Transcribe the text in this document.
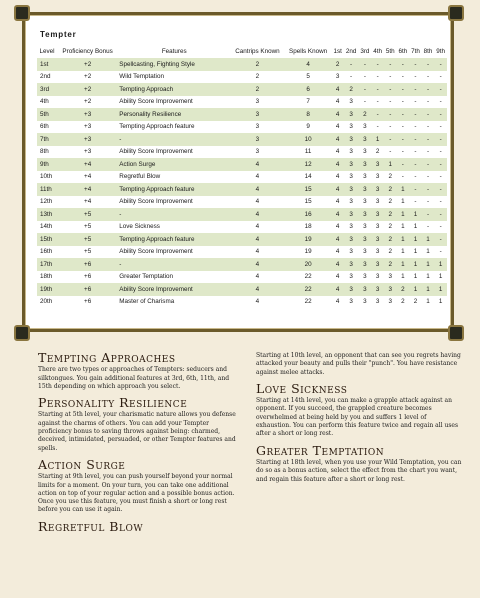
Tempter
Level	Proficiency Bonus	Features	Cantrips Known	Spells Known	1st	2nd	3rd	4th	5th	6th	7th	8th	9th
1st	+2	Spellcasting, Fighting Style	2	4	2	-	-	-	-	-	-	-	-
2nd	+2	Wild Temptation	2	5	3	-	-	-	-	-	-	-	-
3rd	+2	Tempting Approach	2	6	4	2	-	-	-	-	-	-	-
4th	+2	Ability Score Improvement	3	7	4	3	-	-	-	-	-	-	-
5th	+3	Personality Resilience	3	8	4	3	2	-	-	-	-	-	-
6th	+3	Tempting Approach feature	3	9	4	3	3	-	-	-	-	-	-
7th	+3	-	3	10	4	3	3	1	-	-	-	-	-
8th	+3	Ability Score Improvement	3	11	4	3	3	2	-	-	-	-	-
9th	+4	Action Surge	4	12	4	3	3	3	1	-	-	-	-
10th	+4	Regretful Blow	4	14	4	3	3	3	2	-	-	-	-
11th	+4	Tempting Approach feature	4	15	4	3	3	3	2	1	-	-	-
12th	+4	Ability Score Improvement	4	15	4	3	3	3	2	1	-	-	-
13th	+5	-	4	16	4	3	3	3	2	1	1	-	-
14th	+5	Love Sickness	4	18	4	3	3	3	2	1	1	-	-
15th	+5	Tempting Approach feature	4	19	4	3	3	3	2	1	1	1	-
16th	+5	Ability Score Improvement	4	19	4	3	3	3	2	1	1	1	-
17th	+6	-	4	20	4	3	3	3	2	1	1	1	1
18th	+6	Greater Temptation	4	22	4	3	3	3	3	1	1	1	1
19th	+6	Ability Score Improvement	4	22	4	3	3	3	3	2	1	1	1
20th	+6	Master of Charisma	4	22	4	3	3	3	3	2	2	1	1
Tempting Approaches

There are two types or approaches of Tempters: seducers and silktongues. You gain additional features at 3rd, 6th, 11th, and 15th depending on which approach you select.

Personality Resilience

Starting at 5th level, your charismatic nature allows you defense against the charms of others. You can add your Tempter proficiency bonus to saving throws against being: charmed, deceived, intimidated, persuaded, or other Tempter features and spells.

Action Surge

Starting at 9th level, you can push yourself beyond your normal limits for a moment. On your turn, you can take one additional action on top of your regular action and a possible bonus action. Once you use this feature, you must finish a short or long rest before you can use it again.

Regretful Blow

Starting at 10th level, an opponent that can see you regrets having attacked your beauty and pulls their "punch". You have resistance against melee attacks.

Love Sickness

Starting at 14th level, you can make a grapple attack against an opponent. If you succeed, the grappled creature becomes overwhelmed at being held by you and suffers 1 level of exhaustion. You can perform this feature twice and regain all uses after a short or long rest.

Greater Temptation

Starting at 18th level, when you use your Wild Temptation, you can do so as a bonus action, select the effect from the chart you want, and regain this feature after a short or long rest.
